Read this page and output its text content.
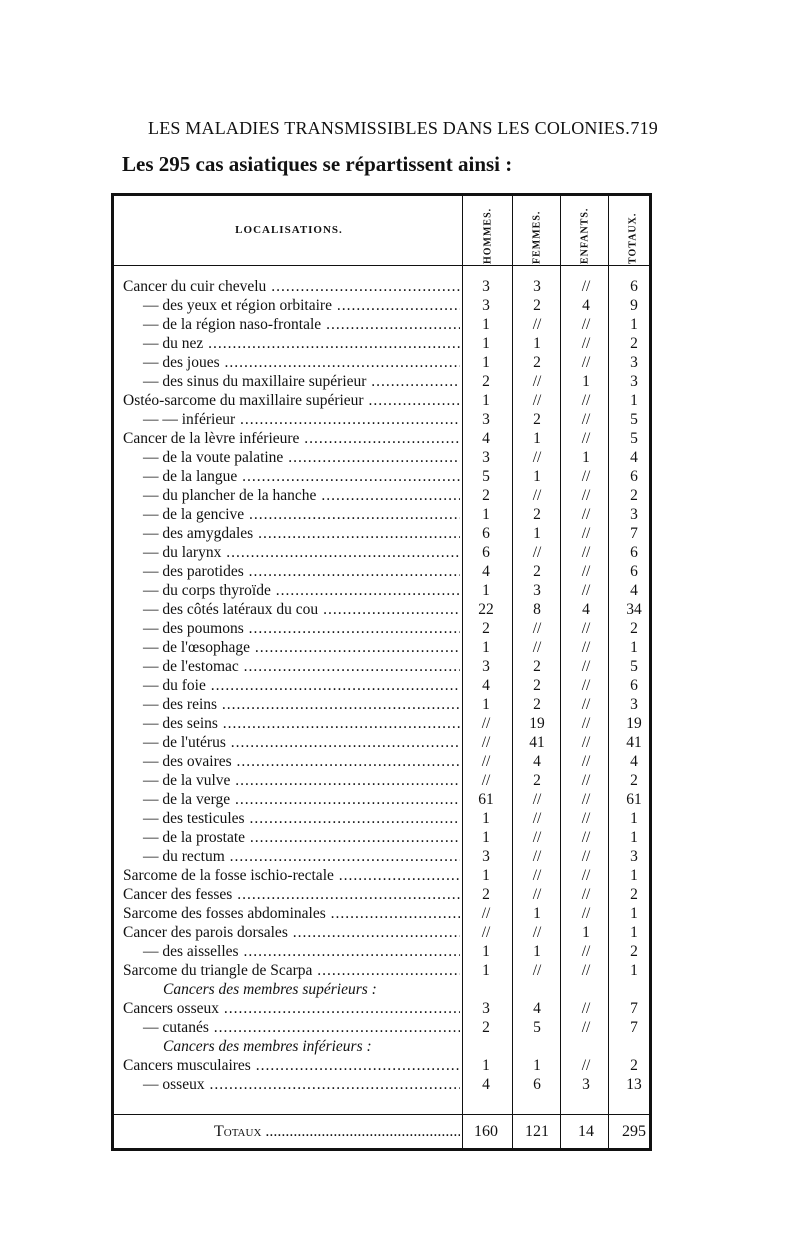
LES MALADIES TRANSMISSIBLES DANS LES COLONIES. 719
Les 295 cas asiatiques se répartissent ainsi :
LOCALISATIONS.	HOMMES.	FEMMES.	ENFANTS.	TOTAUX.
Cancer du cuir chevelu .....	3	3	//	6
— des yeux et région orbitaire .....	3	2	4	9
— de la région naso-frontale .....	1	//	//	1
— du nez .....	1	1	//	2
— des joues .....	1	2	//	3
— des sinus du maxillaire supérieur .....	2	//	1	3
Ostéo-sarcome du maxillaire supérieur .....	1	//	//	1
— — inférieur .....	3	2	//	5
Cancer de la lèvre inférieure .....	4	1	//	5
— de la voute palatine .....	3	//	1	4
— de la langue .....	5	1	//	6
— du plancher de la hanche .....	2	//	//	2
— de la gencive .....	1	2	//	3
— des amygdales .....	6	1	//	7
— du larynx .....	6	//	//	6
— des parotides .....	4	2	//	6
— du corps thyroïde .....	1	3	//	4
— des côtés latéraux du cou .....	22	8	4	34
— des poumons .....	2	//	//	2
— de l'œsophage .....	1	//	//	1
— de l'estomac .....	3	2	//	5
— du foie .....	4	2	//	6
— des reins .....	1	2	//	3
— des seins .....	//	19	//	19
— de l'utérus .....	//	41	//	41
— des ovaires .....	//	4	//	4
— de la vulve .....	//	2	//	2
— de la verge .....	61	//	//	61
— des testicules .....	1	//	//	1
— de la prostate .....	1	//	//	1
— du rectum .....	3	//	//	3
Sarcome de la fosse ischio-rectale .....	1	//	//	1
Cancer des fesses .....	2	//	//	2
Sarcome des fosses abdominales .....	//	1	//	1
Cancer des parois dorsales .....	//	//	1	1
— des aisselles .....	1	1	//	2
Sarcome du triangle de Scarpa .....	1	//	//	1
Cancers des membres supérieurs :
Cancers osseux .....	3	4	//	7
— cutanés .....	2	5	//	7
Cancers des membres inférieurs :
Cancers musculaires .....	1	1	//	2
— osseux .....	4	6	3	13
Totaux .....	160	121	14	295
